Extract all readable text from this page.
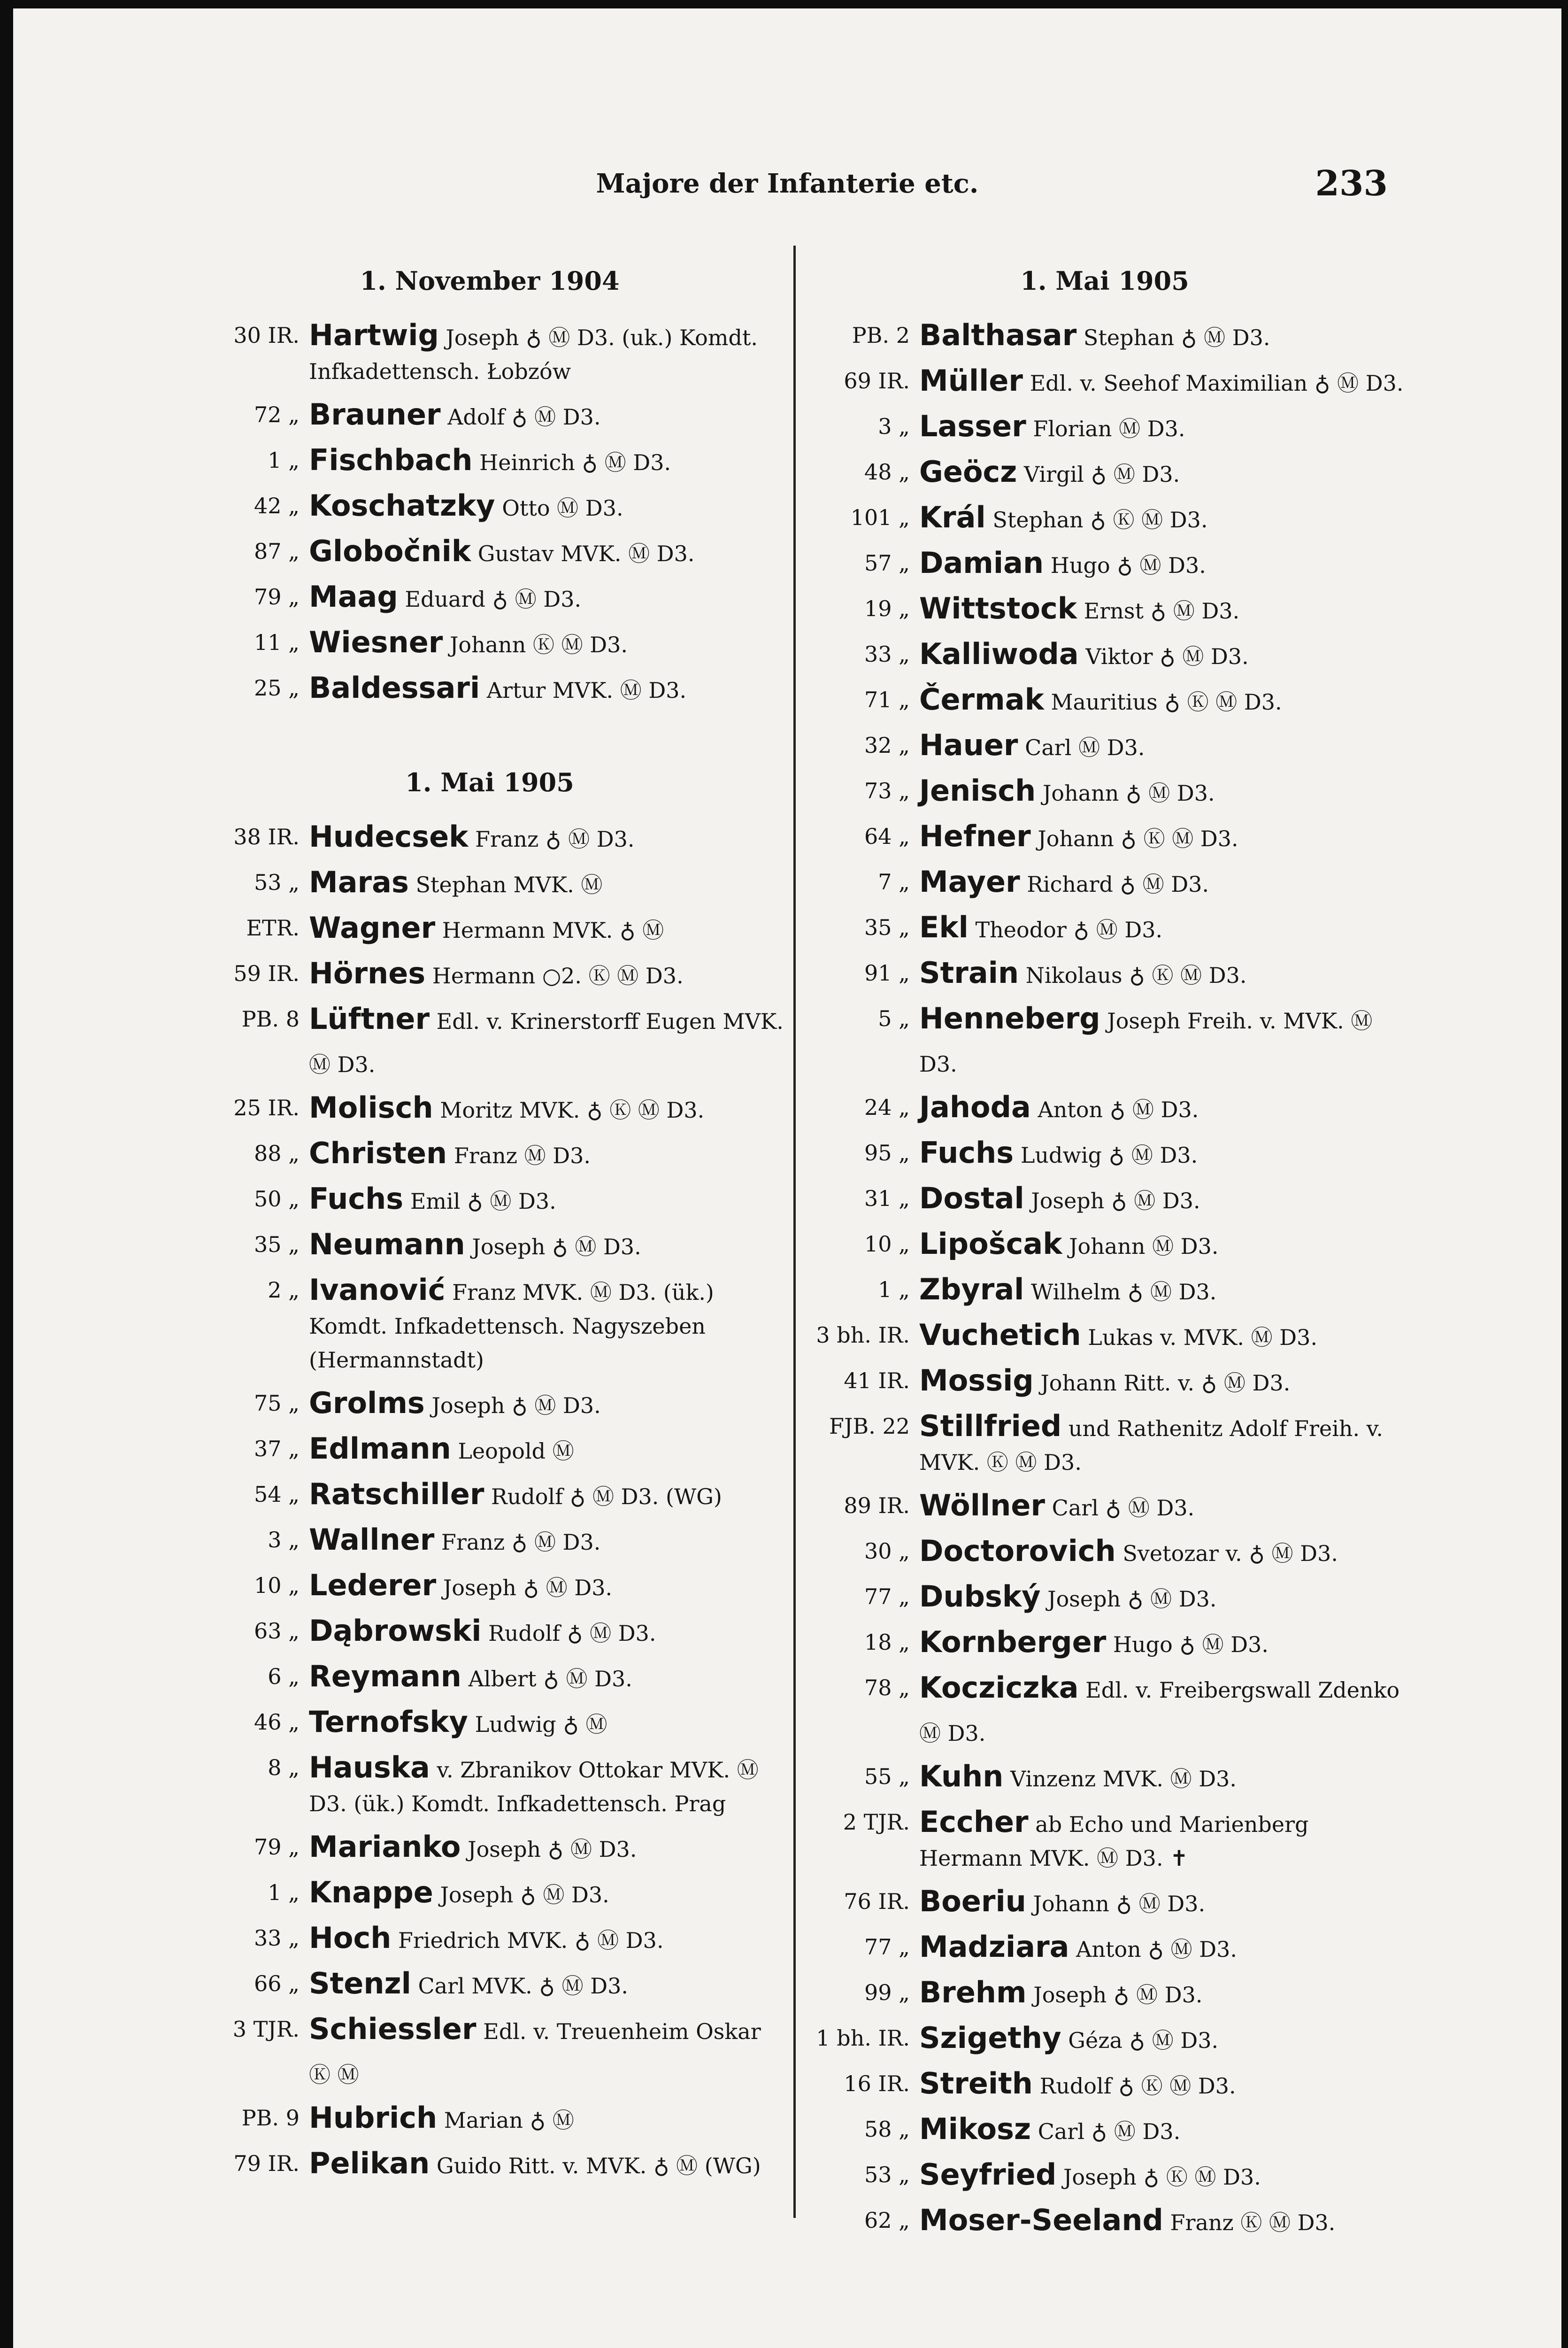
Majore der Infanterie etc.	233
1. November 1904
30 IR. Hartwig Joseph ♁ Ⓜ D3. (uk.) Komdt. Infkadettensch. Łobzów
72 „ Brauner Adolf ♁ Ⓜ D3.
1 „ Fischbach Heinrich ♁ Ⓜ D3.
42 „ Koschatzky Otto Ⓜ D3.
87 „ Globočnik Gustav MVK. Ⓜ D3.
79 „ Maag Eduard ♁ Ⓜ D3.
11 „ Wiesner Johann Ⓚ Ⓜ D3.
25 „ Baldessari Artur MVK. Ⓜ D3.
1. Mai 1905
38 IR. Hudecsek Franz ♁ Ⓜ D3.
53 „ Maras Stephan MVK. Ⓜ
ETR. Wagner Hermann MVK. ♁ Ⓜ
59 IR. Hörnes Hermann ○2. Ⓚ Ⓜ D3.
PB. 8 Lüftner Edl. v. Krinerstorff Eugen MVK. Ⓜ D3.
25 IR. Molisch Moritz MVK. ♁ Ⓚ Ⓜ D3.
88 „ Christen Franz Ⓜ D3.
50 „ Fuchs Emil ♁ Ⓜ D3.
35 „ Neumann Joseph ♁ Ⓜ D3.
2 „ Ivanović Franz MVK. Ⓜ D3. (ük.) Komdt. Infkadettensch. Nagyszeben (Hermannstadt)
75 „ Grolms Joseph ♁ Ⓜ D3.
37 „ Edlmann Leopold Ⓜ
54 „ Ratschiller Rudolf ♁ Ⓜ D3. (WG)
3 „ Wallner Franz ♁ Ⓜ D3.
10 „ Lederer Joseph ♁ Ⓜ D3.
63 „ Dąbrowski Rudolf ♁ Ⓜ D3.
6 „ Reymann Albert ♁ Ⓜ D3.
46 „ Ternofsky Ludwig ♁ Ⓜ
8 „ Hauska v. Zbranikov Ottokar MVK. Ⓜ D3. (ük.) Komdt. Infkadettensch. Prag
79 „ Marianko Joseph ♁ Ⓜ D3.
1 „ Knappe Joseph ♁ Ⓜ D3.
33 „ Hoch Friedrich MVK. ♁ Ⓜ D3.
66 „ Stenzl Carl MVK. ♁ Ⓜ D3.
3 TJR. Schiessler Edl. v. Treuenheim Oskar Ⓚ Ⓜ
PB. 9 Hubrich Marian ♁ Ⓜ
79 IR. Pelikan Guido Ritt. v. MVK. ♁ Ⓜ (WG)
1. Mai 1905
PB. 2 Balthasar Stephan ♁ Ⓜ D3.
69 IR. Müller Edl. v. Seehof Maximilian ♁ Ⓜ D3.
3 „ Lasser Florian Ⓜ D3.
48 „ Geöcz Virgil ♁ Ⓜ D3.
101 „ Král Stephan ♁ Ⓚ Ⓜ D3.
57 „ Damian Hugo ♁ Ⓜ D3.
19 „ Wittstock Ernst ♁ Ⓜ D3.
33 „ Kalliwoda Viktor ♁ Ⓜ D3.
71 „ Čermak Mauritius ♁ Ⓚ Ⓜ D3.
32 „ Hauer Carl Ⓜ D3.
73 „ Jenisch Johann ♁ Ⓜ D3.
64 „ Hefner Johann ♁ Ⓚ Ⓜ D3.
7 „ Mayer Richard ♁ Ⓜ D3.
35 „ Ekl Theodor ♁ Ⓜ D3.
91 „ Strain Nikolaus ♁ Ⓚ Ⓜ D3.
5 „ Henneberg Joseph Freih. v. MVK. Ⓜ D3.
24 „ Jahoda Anton ♁ Ⓜ D3.
95 „ Fuchs Ludwig ♁ Ⓜ D3.
31 „ Dostal Joseph ♁ Ⓜ D3.
10 „ Lipošcak Johann Ⓜ D3.
1 „ Zbyral Wilhelm ♁ Ⓜ D3.
3 bh. IR. Vuchetich Lukas v. MVK. Ⓜ D3.
41 IR. Mossig Johann Ritt. v. ♁ Ⓜ D3.
FJB. 22 Stillfried und Rathenitz Adolf Freih. v. MVK. Ⓚ Ⓜ D3.
89 IR. Wöllner Carl ♁ Ⓜ D3.
30 „ Doctorovich Svetozar v. ♁ Ⓜ D3.
77 „ Dubský Joseph ♁ Ⓜ D3.
18 „ Kornberger Hugo ♁ Ⓜ D3.
78 „ Kocziczka Edl. v. Freibergswall Zdenko Ⓜ D3.
55 „ Kuhn Vinzenz MVK. Ⓜ D3.
2 TJR. Eccher ab Echo und Marienberg Hermann MVK. Ⓜ D3. ✝
76 IR. Boeriu Johann ♁ Ⓜ D3.
77 „ Madziara Anton ♁ Ⓜ D3.
99 „ Brehm Joseph ♁ Ⓜ D3.
1 bh. IR. Szigethy Géza ♁ Ⓜ D3.
16 IR. Streith Rudolf ♁ Ⓚ Ⓜ D3.
58 „ Mikosz Carl ♁ Ⓜ D3.
53 „ Seyfried Joseph ♁ Ⓚ Ⓜ D3.
62 „ Moser-Seeland Franz Ⓚ Ⓜ D3.
